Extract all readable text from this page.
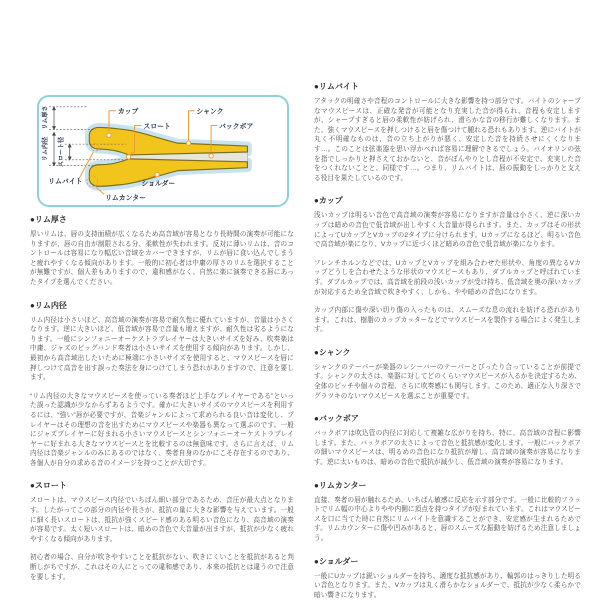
リム厚さ
リム内径 スロート径
カップ
スロート
シャンク
バックボア
リムバイト	ショルダー
リムカンター
●リム厚さ

厚いリムは、唇の支持面積が広くなるため高音域が容易となり長時間の演奏が可能になりますが、唇の自由が制限される分、柔軟性が失われます。反対に薄いリムは、音のコントロールは容易になり幅広い音域をカバーできますが、リムが唇に食い込んでしまうと疲れやすくなる傾向があります。一般的に初心者は中庸の厚さのリムを選択することが無難ですが、個人差もありますので、違和感がなく、自然に楽に演奏できる唇にあったタイプを選んでください。

●リム内径

リム内径は小さいほど、高音域の演奏が容易で耐久性に優れていますが、音量は小さくなります。逆に大きいほど、低音域が容易で音量も増えますが、耐久性は劣るようになります。一般にシンフォニーオーケストラプレイヤーは大きいサイズを好み、吹奏楽は中庸、ジャズのビッグバンド奏者は小さいサイズを使用する傾向があります。しかし、最初から高音域出したいために極端に小さいサイズを使用すると、マウスピースを唇に押しつけて高音を出す誤った奏法を身につけてしまう恐れがありますので、注意を要します。

“リム内径の大きなマウスピースを使っている奏者ほど上手なプレイヤーである”といった誤った認識が少なからずあるようです。確かに大きいサイズのマウスピースを利用するには、“強い”唇が必要ですが、音楽ジャンルによって求められる良い音は変化し、プレイヤーはその理想の音を出すためにマウスピースや楽器も異なって選ぶのです。一般にジャズプレイヤーに好まれる小さいマウスピースとシンフォニーオーケストラプレイヤーに好まれる大きなマウスピースとを比較するのは無意味です。さらに言えば、リム内径は音楽ジャンルのみにあるのではなく、奏者自身のなかにこそ存在するのであり、各個人が自分の求める音のイメージを持つことが大切です。

●スロート

スロートは、マウスピース内径でいちばん細い部分であるため、音圧が最大点となります。したがってこの部分の内径や長さが、抵抗の量に大きな影響を与えています。一般に細く長いスロートは、抵抗が強くスピード感のある明るい音色になり、高音域の演奏が容易です。太く短いスロートは、暗めの音色で大音量が出ますが、抵抗が少なく疲れやすくなる傾向があります。

初心者の場合、自分が吹きやすいことを抵抗がない、吹きにくいことを抵抗があると判断しがちですが、これはその人にとっての違和感であり、本来の抵抗とは違うので注意を要します。

●リムバイト

アタックの明確さや音程のコントロールに大きな影響を持つ部分です。バイトのシャープなマウスピースは、正確な発音が可能となり充実した音が得られ、音程も安定しますが、シャープすぎると唇の柔軟性が妨げられ、滑らかな音の移行が難しくなります。また、強くマウスピースを押しつけると唇を傷つけて腫れる恐れもあります。逆にバイトが丸く不明確なものは、音の立ち上がりが悪く、安定した音を持続させにくくなります…。このことは弦楽器を思い浮かべれば容易に理解できるでしょう。バイオリンの弦を指でしっかりと押さえておかないと、音がぼんやりとし音程が不安定で、充実した音をつくれないことと、同様です…。つまり、リムバイトは、唇の振動をしっかりと支える役目を果たしているのです。

●カップ

浅いカップは明るい音色で高音域の演奏が容易になりますが音量は小さく、逆に深いカップは暗めの音色で低音域が出しやすく大音量が得られます。また、カップはその形状によってUカップとVカップの2タイプに分けられます。Uカップになるほど、明るい音色で高音域が楽になり、Vカップに近づくほど暗めの音色で低音域が楽になります。

フレンチホルンなどでは、UカップとVカップを組み合わせた形状や、角度の異なるVカップどうしを合わせたような形状のマウスピースもあり、ダブルカップと呼ばれています。ダブルカップでは、高音域を前段の浅いカップが受け持ち、低音域を奥の深いカップが対応するため全音域で吹きやすく、しかも、やや暗めの音色になります。

カップ内部に傷や深い切り傷の入ったものは、スムーズな息の流れを妨げる恐れがあります。これは、樹脂のカップカッターなどでマウスピースを製作する場合によく発生します。

●シャンク

シャンクのテーパーが楽器のレシーバーのテーパーとぴったり合っていることが前提です。シャンクの太さは、楽器に対してどのくらいマウスピースが入るかを決定するため、全体のピッチや個々の音程、さらに吹奏感にも関与します。このため、適正な入り深さでグラツキのないマウスピースを選ぶことが重要です。

●バックボア

バックボアは吹込管の内径に対応して複雑な広がりを持ち、特に、高音域の音程に影響します。また、バックボアの太さによって音色と抵抗感が変化します。一般にバックボアの細いマウスピースは、明るめの音色になり抵抗が増し、高音域の演奏が容易になります。逆に太いものは、暗めの音色で抵抗が減少し、低音域の演奏が容易になります。

●リムカンター

直接、奏者の唇が触れるため、いちばん敏感に反応を示す部分です。一般に比較的フラットでリム幅の中心よりやや内側に頂点を持つタイプが好まれています。これはマウスピースを口に当てた時に自然にリムバイトを意識することができ、安定感が生まれるためです。リムカウンターに傷や凹みがあると、唇のスムーズな振動を妨げるため注意しましょう。

●ショルダー

一般にUカップは鋭いショルダーを持ち、適度な抵抗感があり、輪郭のはっきりした明るい音色となります。また、Vカップは丸く滑らかなショルダーで、抵抗が少なく柔らかで暗い響きになります。
